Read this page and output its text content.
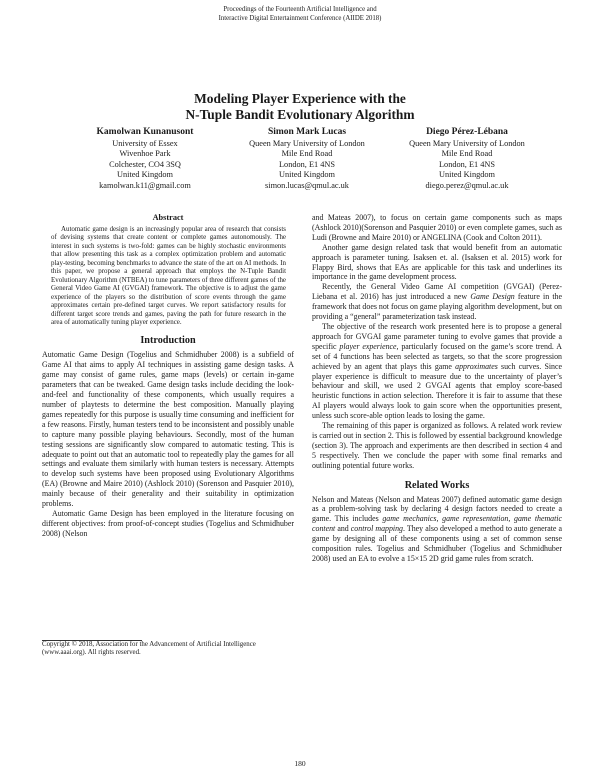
Proceedings of the Fourteenth Artificial Intelligence and
Interactive Digital Entertainment Conference (AIIDE 2018)
Modeling Player Experience with the
N-Tuple Bandit Evolutionary Algorithm
Kamolwan Kunanusont
University of Essex
Wivenhoe Park
Colchester, CO4 3SQ
United Kingdom
kamolwan.k11@gmail.com
Simon Mark Lucas
Queen Mary University of London
Mile End Road
London, E1 4NS
United Kingdom
simon.lucas@qmul.ac.uk
Diego Pérez-Lébana
Queen Mary University of London
Mile End Road
London, E1 4NS
United Kingdom
diego.perez@qmul.ac.uk
Abstract

Automatic game design is an increasingly popular area of research that consists of devising systems that create content or complete games autonomously. The interest in such systems is two-fold: games can be highly stochastic environments that allow presenting this task as a complex optimization problem and automatic play-testing, becoming benchmarks to advance the state of the art on AI methods. In this paper, we propose a general approach that employs the N-Tuple Bandit Evolutionary Algorithm (NTBEA) to tune parameters of three different games of the General Video Game AI (GVGAI) framework. The objective is to adjust the game experience of the players so the distribution of score events through the game approximates certain pre-defined target curves. We report satisfactory results for different target score trends and games, paving the path for future research in the area of automatically tuning player experience.

Introduction

Automatic Game Design (Togelius and Schmidhuber 2008) is a subfield of Game AI that aims to apply AI techniques in assisting game design tasks. A game may consist of game rules, game maps (levels) or certain in-game parameters that can be tweaked. Game design tasks include deciding the look-and-feel and functionality of these components, which usually requires a number of playtests to determine the best composition. Manually playing games repeatedly for this purpose is usually time consuming and inefficient for a few reasons. Firstly, human testers tend to be inconsistent and possibly unable to capture many possible playing behaviours. Secondly, most of the human testing sessions are significantly slow compared to automatic testing. This is adequate to point out that an automatic tool to repeatedly play the games for all settings and evaluate them similarly with human testers is necessary. Attempts to develop such systems have been proposed using Evolutionary Algorithms (EA) (Browne and Maire 2010) (Ashlock 2010) (Sorenson and Pasquier 2010), mainly because of their generality and their suitability in optimization problems.

Automatic Game Design has been employed in the literature focusing on different objectives: from proof-of-concept studies (Togelius and Schmidhuber 2008) (Nelson

Copyright © 2018, Association for the Advancement of Artificial Intelligence (www.aaai.org). All rights reserved.

and Mateas 2007), to focus on certain game components such as maps (Ashlock 2010)(Sorenson and Pasquier 2010) or even complete games, such as Ludi (Browne and Maire 2010) or ANGELINA (Cook and Colton 2011).

Another game design related task that would benefit from an automatic approach is parameter tuning. Isaksen et. al. (Isaksen et al. 2015) work for Flappy Bird, shows that EAs are applicable for this task and underlines its importance in the game development process.

Recently, the General Video Game AI competition (GVGAI) (Perez-Liebana et al. 2016) has just introduced a new Game Design feature in the framework that does not focus on game playing algorithm development, but on providing a “general” parameterization task instead.

The objective of the research work presented here is to propose a general approach for GVGAI game parameter tuning to evolve games that provide a specific player experience, particularly focused on the game’s score trend. A set of 4 functions has been selected as targets, so that the score progression achieved by an agent that plays this game approximates such curves. Since player experience is difficult to measure due to the uncertainty of player’s behaviour and skill, we used 2 GVGAI agents that employ score-based heuristic functions in action selection. Therefore it is fair to assume that these AI players would always look to gain score when the opportunities present, unless such score-able option leads to losing the game.

The remaining of this paper is organized as follows. A related work review is carried out in section 2. This is followed by essential background knowledge (section 3). The approach and experiments are then described in section 4 and 5 respectively. Then we conclude the paper with some final remarks and outlining potential future works.

Related Works

Nelson and Mateas (Nelson and Mateas 2007) defined automatic game design as a problem-solving task by declaring 4 design factors needed to create a game. This includes game mechanics, game representation, game thematic content and control mapping. They also developed a method to auto generate a game by designing all of these components using a set of common sense composition rules. Togelius and Schmidhuber (Togelius and Schmidhuber 2008) used an EA to evolve a 15×15 2D grid game rules from scratch.

180
